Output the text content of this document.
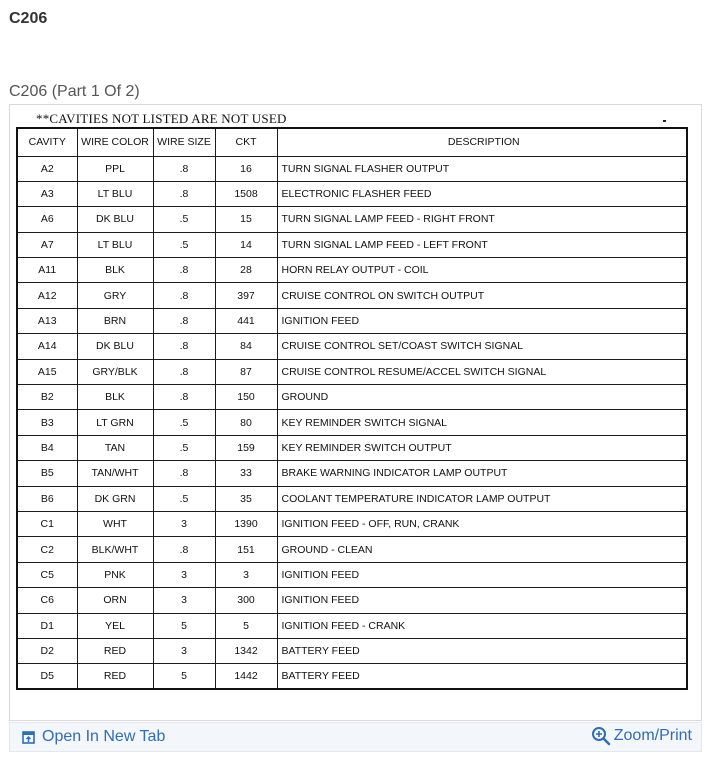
C206
C206 (Part 1 Of 2)
**CAVITIES NOT LISTED ARE NOT USED
CAVITY	WIRE COLOR	WIRE SIZE	CKT	DESCRIPTION
A2	PPL	.8	16	TURN SIGNAL FLASHER OUTPUT
A3	LT BLU	.8	1508	ELECTRONIC FLASHER FEED
A6	DK BLU	.5	15	TURN SIGNAL LAMP FEED - RIGHT FRONT
A7	LT BLU	.5	14	TURN SIGNAL LAMP FEED - LEFT FRONT
A11	BLK	.8	28	HORN RELAY OUTPUT - COIL
A12	GRY	.8	397	CRUISE CONTROL ON SWITCH OUTPUT
A13	BRN	.8	441	IGNITION FEED
A14	DK BLU	.8	84	CRUISE CONTROL SET/COAST SWITCH SIGNAL
A15	GRY/BLK	.8	87	CRUISE CONTROL RESUME/ACCEL SWITCH SIGNAL
B2	BLK	.8	150	GROUND
B3	LT GRN	.5	80	KEY REMINDER SWITCH SIGNAL
B4	TAN	.5	159	KEY REMINDER SWITCH OUTPUT
B5	TAN/WHT	.8	33	BRAKE WARNING INDICATOR LAMP OUTPUT
B6	DK GRN	.5	35	COOLANT TEMPERATURE INDICATOR LAMP OUTPUT
C1	WHT	3	1390	IGNITION FEED - OFF, RUN, CRANK
C2	BLK/WHT	.8	151	GROUND - CLEAN
C5	PNK	3	3	IGNITION FEED
C6	ORN	3	300	IGNITION FEED
D1	YEL	5	5	IGNITION FEED - CRANK
D2	RED	3	1342	BATTERY FEED
D5	RED	5	1442	BATTERY FEED
Open In New Tab	Zoom/Print
